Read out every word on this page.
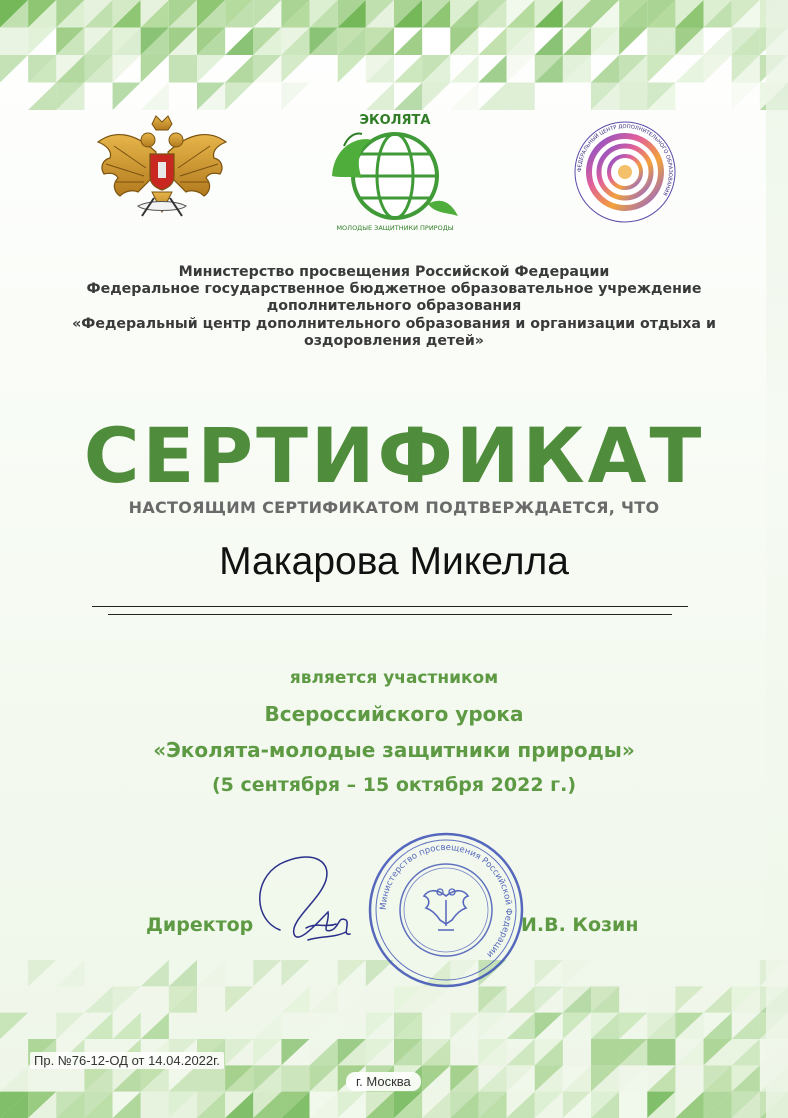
ЭКОЛЯТА
МОЛОДЫЕ ЗАЩИТНИКИ ПРИРОДЫ
ФЕДЕРАЛЬНЫЙ ЦЕНТР ДОПОЛНИТЕЛЬНОГО ОБРАЗОВАНИЯ
Министерство просвещения Российской Федерации
Федеральное государственное бюджетное образовательное учреждение
дополнительного образования
«Федеральный центр дополнительного образования и организации отдыха и
оздоровления детей»
СЕРТИФИКАТ
НАСТОЯЩИМ СЕРТИФИКАТОМ ПОДТВЕРЖДАЕТСЯ, ЧТО
Макарова Микелла
является участником
Всероссийского урока
«Эколята-молодые защитники природы»
(5 сентября – 15 октября 2022 г.)
Министерство просвещения Российской Федерации
Директор	И.В. Козин
Пр. №76-12-ОД от 14.04.2022г.
г. Москва
